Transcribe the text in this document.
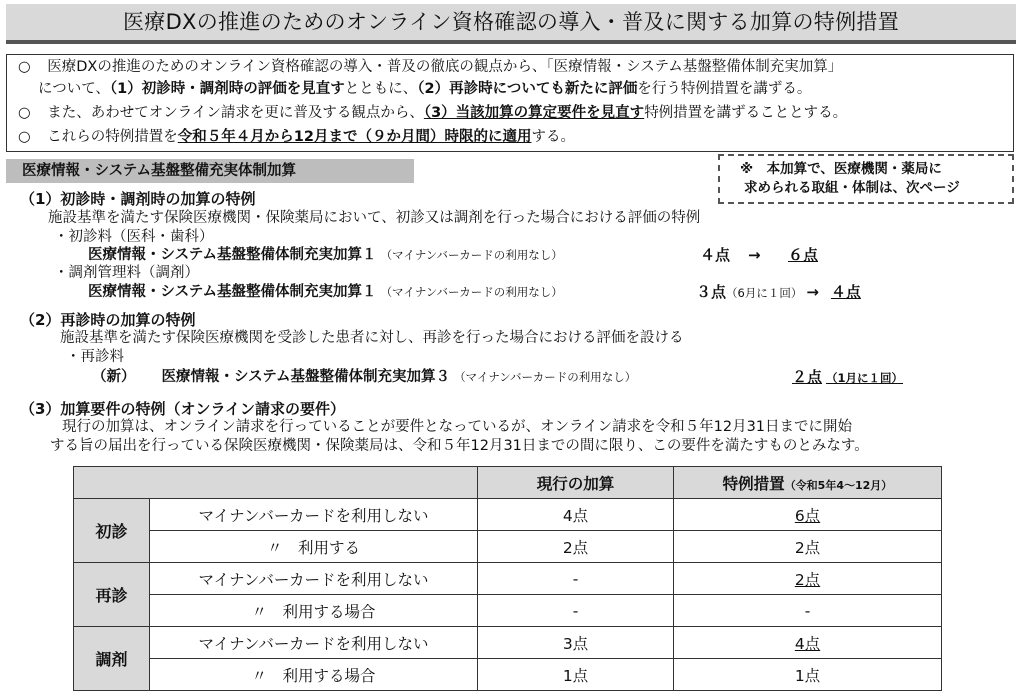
医療DXの推進のためのオンライン資格確認の導入・普及に関する加算の特例措置
○ 医療DXの推進のためのオンライン資格確認の導入・普及の徹底の観点から、「医療情報・システム基盤整備体制充実加算」
について、（1）初診時・調剤時の評価を見直すとともに、（2）再診時についても新たに評価を行う特例措置を講ずる。
○ また、あわせてオンライン請求を更に普及する観点から、（3）当該加算の算定要件を見直す特例措置を講ずることとする。
○ これらの特例措置を令和５年４月から12月まで（９か月間）時限的に適用する。
医療情報・システム基盤整備充実体制加算	※　本加算で、医療機関・薬局に
求められる取組・体制は、次ページ
（1）初診時・調剤時の加算の特例
施設基準を満たす保険医療機関・保険薬局において、初診又は調剤を行った場合における評価の特例
・初診料（医科・歯科）
医療情報・システム基盤整備体制充実加算１ （マイナンバーカードの利用なし）	４点 → ６点
・調剤管理料（調剤）
医療情報・システム基盤整備体制充実加算１ （マイナンバーカードの利用なし）	３点（6月に１回） → ４点
（2）再診時の加算の特例
施設基準を満たす保険医療機関を受診した患者に対し、再診を行った場合における評価を設ける
・再診料
（新） 医療情報・システム基盤整備体制充実加算３ （マイナンバーカードの利用なし）	２点 （1月に１回）
（3）加算要件の特例（オンライン請求の要件）
現行の加算は、オンライン請求を行っていることが要件となっているが、オンライン請求を令和５年12月31日までに開始
する旨の届出を行っている保険医療機関・保険薬局は、令和５年12月31日までの間に限り、この要件を満たすものとみなす。
		現行の加算	特例措置（令和5年4～12月）
初診	マイナンバーカードを利用しない	4点	6点
	〃　利用する	2点	2点
再診	マイナンバーカードを利用しない	-	2点
	〃　利用する場合	-	-
調剤	マイナンバーカードを利用しない	3点	4点
	〃　利用する場合	1点	1点
